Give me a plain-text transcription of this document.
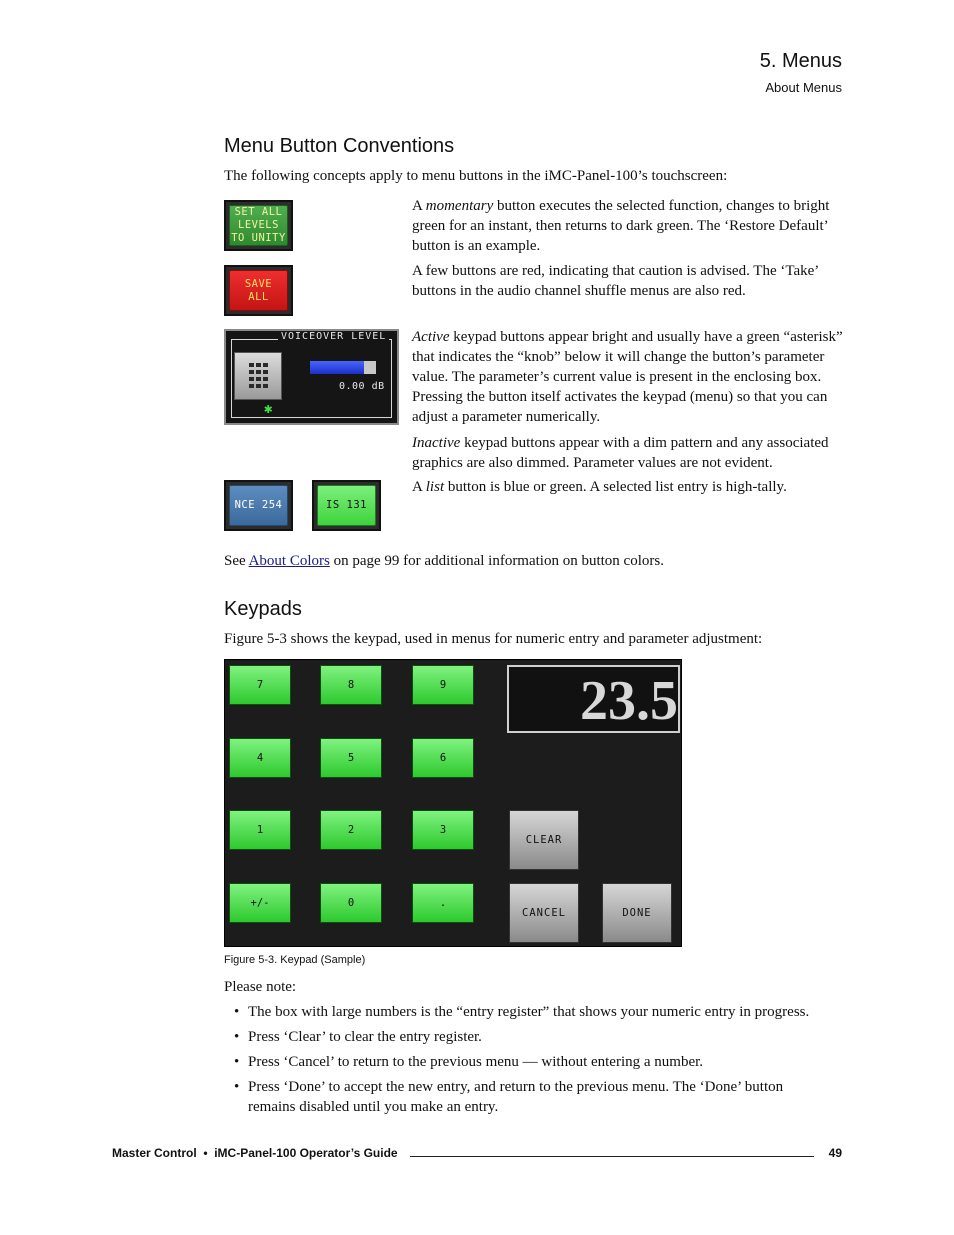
5. Menus
About Menus
Menu Button Conventions
The following concepts apply to menu buttons in the iMC-Panel-100’s touchscreen:
SET ALL
LEVELS
TO UNITY
A momentary button executes the selected function, changes to bright green for an instant, then returns to dark green. The ‘Restore Default’ button is an example.
SAVE
ALL
A few buttons are red, indicating that caution is advised. The ‘Take’ buttons in the audio channel shuffle menus are also red.
VOICEOVER LEVEL
0.00 dB
✱
Active keypad buttons appear bright and usually have a green “asterisk” that indicates the “knob” below it will change the button’s parameter value. The parameter’s current value is present in the enclosing box. Pressing the button itself activates the keypad (menu) so that you can adjust a parameter numerically.
Inactive keypad buttons appear with a dim pattern and any associated graphics are also dimmed. Parameter values are not evident.
NCE 254	IS 131
A list button is blue or green. A selected list entry is high-tally.
See About Colors on page 99 for additional information on button colors.
Keypads
Figure 5-3 shows the keypad, used in menus for numeric entry and parameter adjustment:
7	8	9
4	5	6
1	2	3
+/-	0	.
23.5
CLEAR
CANCEL	DONE
Figure 5-3. Keypad (Sample)
Please note:
• The box with large numbers is the “entry register” that shows your numeric entry in progress.
• Press ‘Clear’ to clear the entry register.
• Press ‘Cancel’ to return to the previous menu — without entering a number.
• Press ‘Done’ to accept the new entry, and return to the previous menu. The ‘Done’ button remains disabled until you make an entry.
Master Control  •  iMC-Panel-100 Operator’s Guide	49
